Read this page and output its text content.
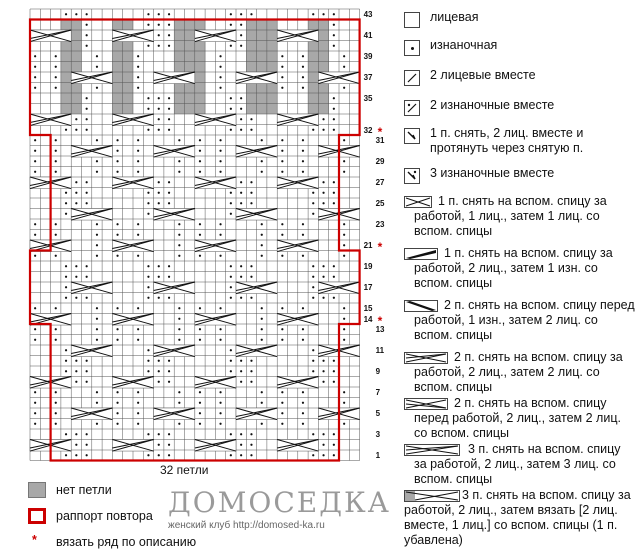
43
41
39
37
35
32
31
29
27
25
23
21
19
17
15
14
13
11
9
7
5
3
1
*
*
*
32 петли
лицевая
изнаночная
2 лицевые вместе
2 изнаночные вместе
1 п. снять, 2 лиц. вместе и протянуть через снятую п.
3 изнаночные вместе
1 п. снять на вспом. спицу за работой, 1 лиц., затем 1 лиц. со вспом. спицы
1 п. снять на вспом. спицу за работой, 2 лиц., затем 1 изн. со вспом. спицы
2 п. снять на вспом. спицу перед работой, 1 изн., затем 2 лиц. со вспом. спицы
2 п. снять на вспом. спицу за работой, 2 лиц., затем 2 лиц. со вспом. спицы
2 п. снять на вспом. спицу перед работой, 2 лиц., затем 2 лиц. со вспом. спицы
3 п. снять на вспом. спицу за работой, 2 лиц., затем 3 лиц. со вспом. спицы
3 п. снять на вспом. спицу за работой, 2 лиц., затем вязать [2 лиц. вместе, 1 лиц.] со вспом. спицы (1 п. убавлена)
нет петли
раппорт повтора
* вязать ряд по описанию
ДОМОСЕДКА
женский клуб http://domosed-ka.ru
